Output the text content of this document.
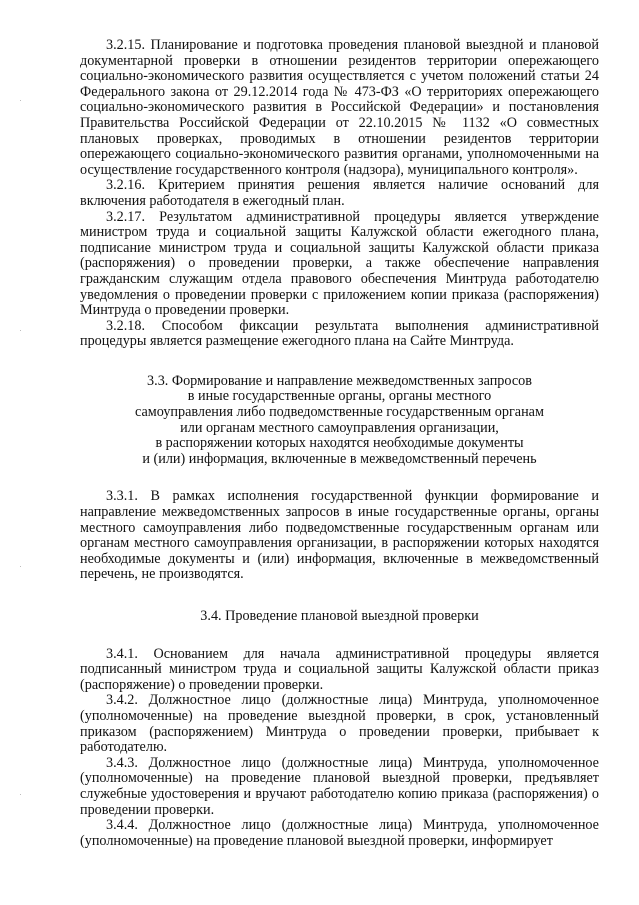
3.2.15. Планирование и подготовка проведения плановой выездной и плановой документарной проверки в отношении резидентов территории опережающего социально-экономического развития осуществляется с учетом положений статьи 24 Федерального закона от 29.12.2014 года № 473-ФЗ «О территориях опережающего социально-экономического развития в Российской Федерации» и постановления Правительства Российской Федерации от 22.10.2015 № 1132 «О совместных плановых проверках, проводимых в отношении резидентов территории опережающего социально-экономического развития органами, уполномоченными на осуществление государственного контроля (надзора), муниципального контроля».

3.2.16. Критерием принятия решения является наличие оснований для включения работодателя в ежегодный план.

3.2.17. Результатом административной процедуры является утверждение министром труда и социальной защиты Калужской области ежегодного плана, подписание министром труда и социальной защиты Калужской области приказа (распоряжения) о проведении проверки, а также обеспечение направления гражданским служащим отдела правового обеспечения Минтруда работодателю уведомления о проведении проверки с приложением копии приказа (распоряжения) Минтруда о проведении проверки.

3.2.18. Способом фиксации результата выполнения административной процедуры является размещение ежегодного плана на Сайте Минтруда.

3.3. Формирование и направление межведомственных запросов

в иные государственные органы, органы местного

самоуправления либо подведомственные государственным органам

или органам местного самоуправления организации,

в распоряжении которых находятся необходимые документы

и (или) информация, включенные в межведомственный перечень

3.3.1. В рамках исполнения государственной функции формирование и направление межведомственных запросов в иные государственные органы, органы местного самоуправления либо подведомственные государственным органам или органам местного самоуправления организации, в распоряжении которых находятся необходимые документы и (или) информация, включенные в межведомственный перечень, не производятся.

3.4. Проведение плановой выездной проверки

3.4.1. Основанием для начала административной процедуры является подписанный министром труда и социальной защиты Калужской области приказ (распоряжение) о проведении проверки.

3.4.2. Должностное лицо (должностные лица) Минтруда, уполномоченное (уполномоченные) на проведение выездной проверки, в срок, установленный приказом (распоряжением) Минтруда о проведении проверки, прибывает к работодателю.

3.4.3. Должностное лицо (должностные лица) Минтруда, уполномоченное (уполномоченные) на проведение плановой выездной проверки, предъявляет служебные удостоверения и вручают работодателю копию приказа (распоряжения) о проведении проверки.

3.4.4. Должностное лицо (должностные лица) Минтруда, уполномоченное (уполномоченные) на проведение плановой выездной проверки, информирует
